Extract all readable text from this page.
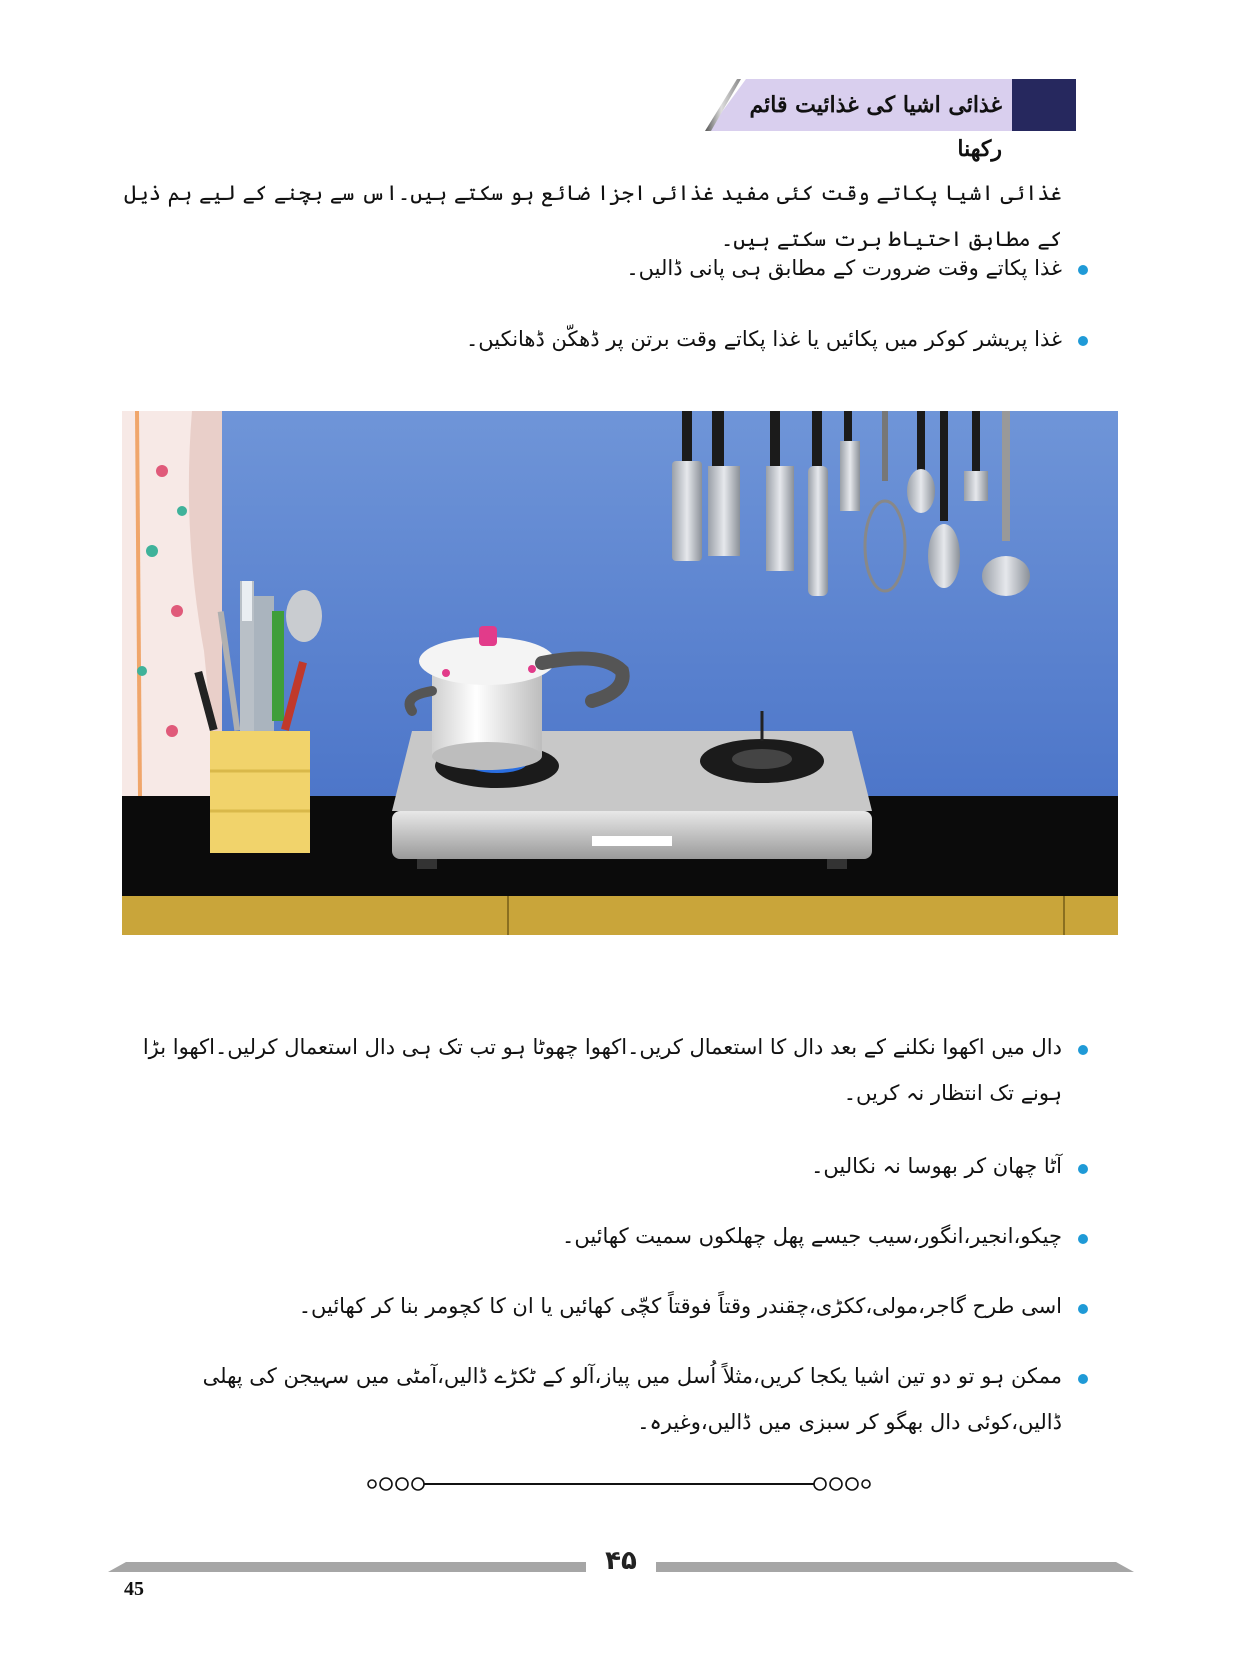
غذائی اشیا کی غذائیت قائم رکھنا
غذائی اشیا پکاتے وقت کئی مفید غذائی اجزا ضائع ہو سکتے ہیں۔اس سے بچنے کے لیے ہم ذیل کے مطابق احتیاط برت سکتے ہیں۔
غذا پکاتے وقت ضرورت کے مطابق ہی پانی ڈالیں۔
غذا پریشر کوکر میں پکائیں یا غذا پکاتے وقت برتن پر ڈھکّن ڈھانکیں۔
دال میں اکھوا نکلنے کے بعد دال کا استعمال کریں۔اکھوا چھوٹا ہو تب تک ہی دال استعمال کرلیں۔اکھوا بڑا ہونے تک انتظار نہ کریں۔
آٹا چھان کر بھوسا نہ نکالیں۔
چیکو،انجیر،انگور،سیب جیسے پھل چھلکوں سمیت کھائیں۔
اسی طرح گاجر،مولی،ککڑی،چقندر وقتاً فوقتاً کچّی کھائیں یا ان کا کچومر بنا کر کھائیں۔
ممکن ہو تو دو تین اشیا یکجا کریں،مثلاً اُسل میں پیاز،آلو کے ٹکڑے ڈالیں،آمٹی میں سہیجن کی پھلی ڈالیں،کوئی دال بھگو کر سبزی میں ڈالیں،وغیرہ۔
۴۵
45
